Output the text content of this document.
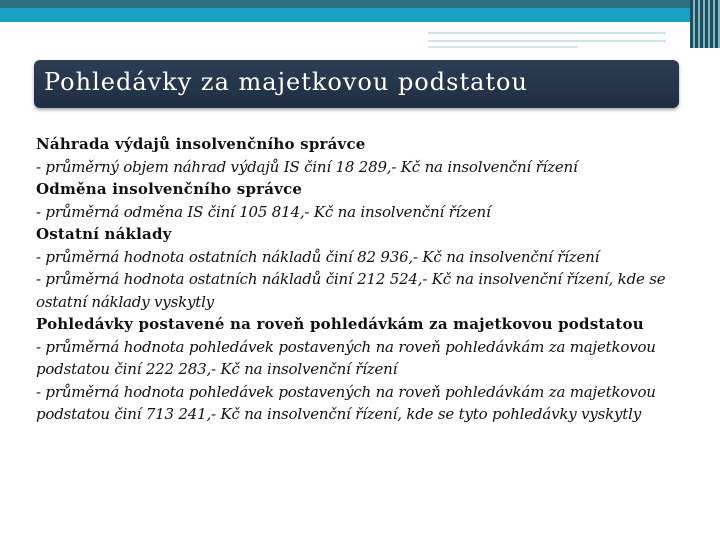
Pohledávky za majetkovou podstatou

Náhrada výdajů insolvenčního správce

- průměrný objem náhrad výdajů IS činí 18 289,- Kč na insolvenční řízení

Odměna insolvenčního správce

- průměrná odměna IS činí 105 814,- Kč na insolvenční řízení

Ostatní náklady

- průměrná hodnota ostatních nákladů činí 82 936,- Kč na insolvenční řízení

- průměrná hodnota ostatních nákladů činí 212 524,- Kč na insolvenční řízení, kde se ostatní náklady vyskytly

Pohledávky postavené na roveň pohledávkám za majetkovou podstatou

- průměrná hodnota pohledávek postavených na roveň pohledávkám za majetkovou podstatou činí 222 283,- Kč na insolvenční řízení

- průměrná hodnota pohledávek postavených na roveň pohledávkám za majetkovou podstatou činí 713 241,- Kč na insolvenční řízení, kde se tyto pohledávky vyskytly
